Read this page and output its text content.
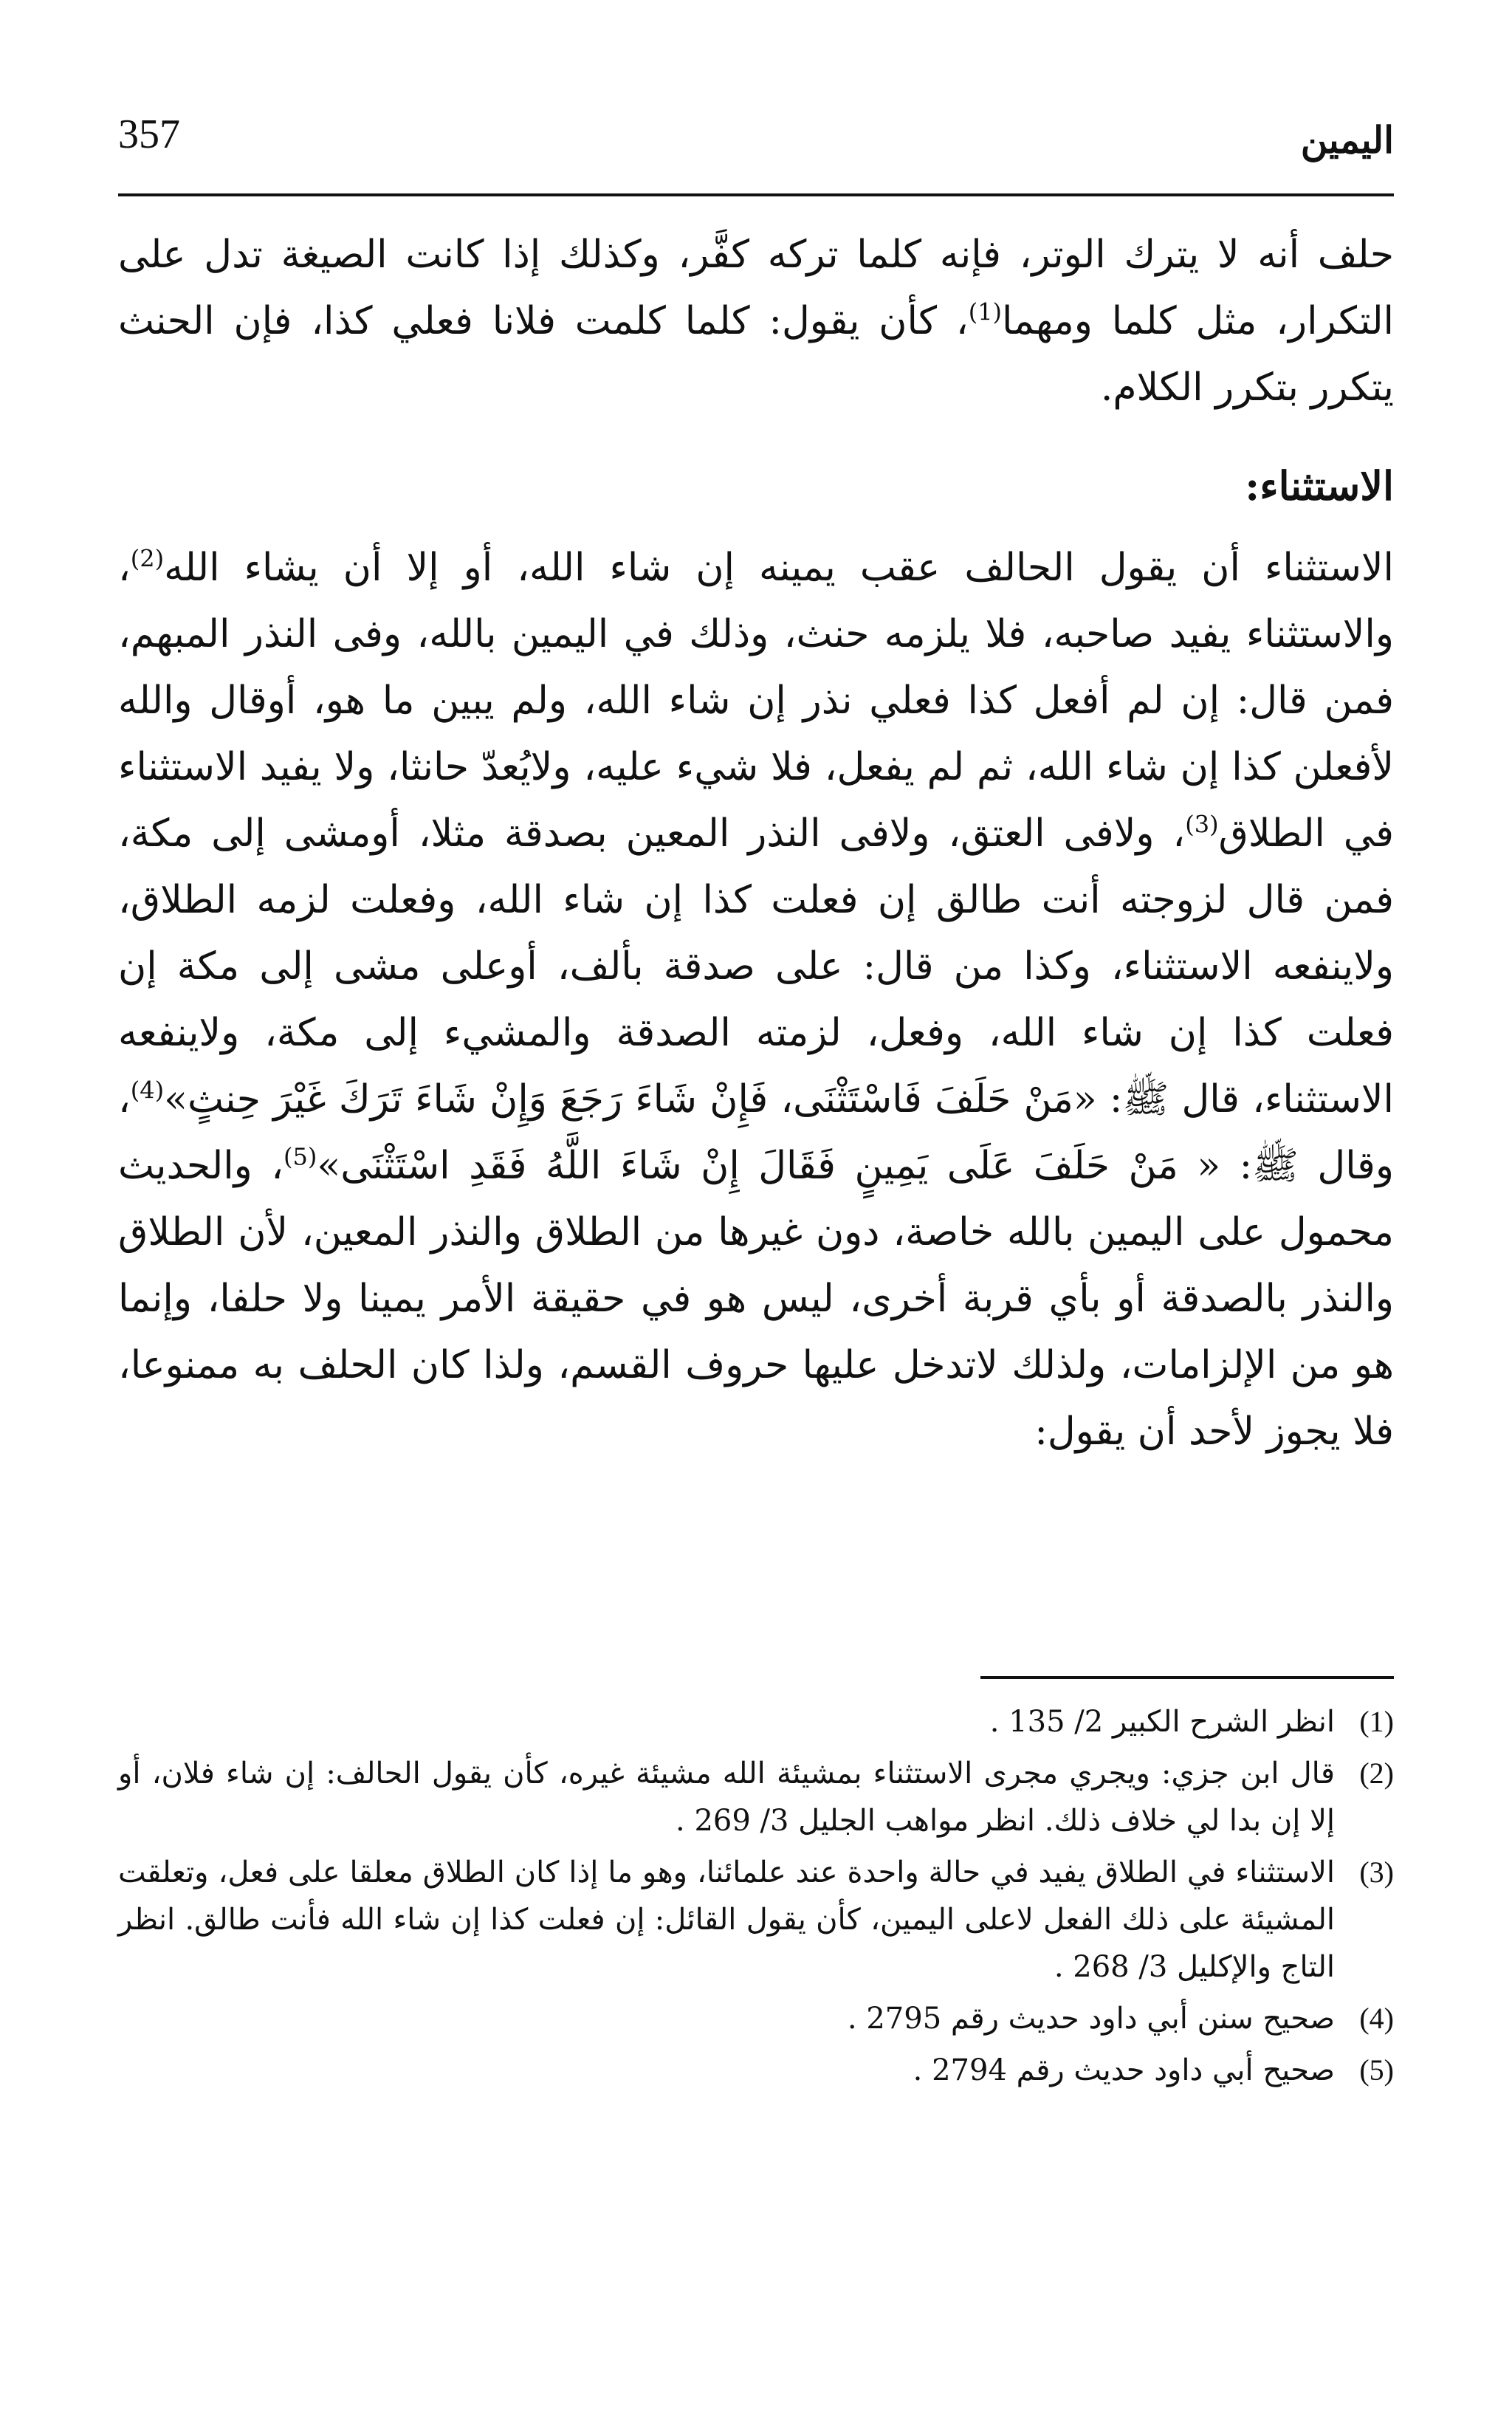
357	اليمين

حلف أنه لا يترك الوتر، فإنه كلما تركه كفَّر، وكذلك إذا كانت الصيغة تدل على التكرار، مثل كلما ومهما$^{(1)}$، كأن يقول: كلما كلمت فلانا فعلي كذا، فإن الحنث يتكرر بتكرر الكلام.

الاستثناء:

الاستثناء أن يقول الحالف عقب يمينه إن شاء الله، أو إلا أن يشاء الله$^{(2)}$، والاستثناء يفيد صاحبه، فلا يلزمه حنث، وذلك في اليمين بالله، وفى النذر المبهم، فمن قال: إن لم أفعل كذا فعلي نذر إن شاء الله، ولم يبين ما هو، أوقال والله لأفعلن كذا إن شاء الله، ثم لم يفعل، فلا شيء عليه، ولايُعدّ حانثا، ولا يفيد الاستثناء في الطلاق$^{(3)}$، ولافى العتق، ولافى النذر المعين بصدقة مثلا، أومشى إلى مكة، فمن قال لزوجته أنت طالق إن فعلت كذا إن شاء الله، وفعلت لزمه الطلاق، ولاينفعه الاستثناء، وكذا من قال: على صدقة بألف، أوعلى مشى إلى مكة إن فعلت كذا إن شاء الله، وفعل، لزمته الصدقة والمشيء إلى مكة، ولاينفعه الاستثناء، قال ﷺ: «مَنْ حَلَفَ فَاسْتَثْنَى، فَإِنْ شَاءَ رَجَعَ وَإِنْ شَاءَ تَرَكَ غَيْرَ حِنثٍ»$^{(4)}$، وقال ﷺ: « مَنْ حَلَفَ عَلَى يَمِينٍ فَقَالَ إِنْ شَاءَ اللَّهُ فَقَدِ اسْتَثْنَى»$^{(5)}$، والحديث محمول على اليمين بالله خاصة، دون غيرها من الطلاق والنذر المعين، لأن الطلاق والنذر بالصدقة أو بأي قربة أخرى، ليس هو في حقيقة الأمر يمينا ولا حلفا، وإنما هو من الإلزامات، ولذلك لاتدخل عليها حروف القسم، ولذا كان الحلف به ممنوعا، فلا يجوز لأحد أن يقول:

(1)
انظر الشرح الكبير 2/ 135 .
(2)
قال ابن جزي: ويجري مجرى الاستثناء بمشيئة الله مشيئة غيره، كأن يقول الحالف: إن شاء فلان، أو إلا إن بدا لي خلاف ذلك. انظر مواهب الجليل 3/ 269 .
(3)
الاستثناء في الطلاق يفيد في حالة واحدة عند علمائنا، وهو ما إذا كان الطلاق معلقا على فعل، وتعلقت المشيئة على ذلك الفعل لاعلى اليمين، كأن يقول القائل: إن فعلت كذا إن شاء الله فأنت طالق. انظر التاج والإكليل 3/ 268 .
(4)
صحيح سنن أبي داود حديث رقم 2795 .
(5)
صحيح أبي داود حديث رقم 2794 .
